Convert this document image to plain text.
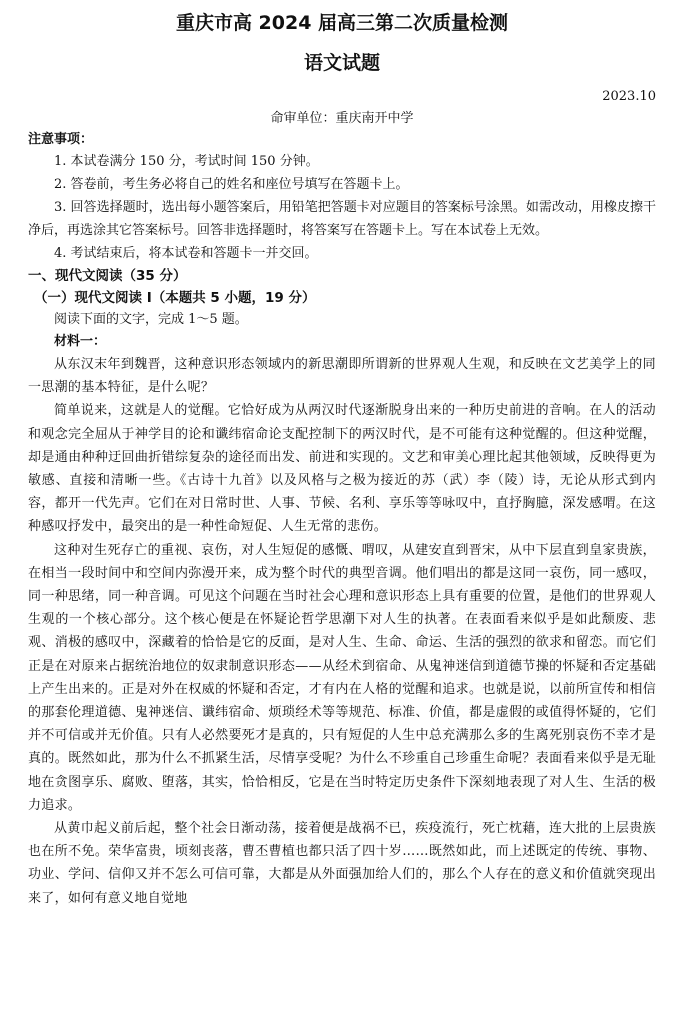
重庆市高 2024 届高三第二次质量检测
语文试题
2023.10
命审单位：重庆南开中学
注意事项：

1. 本试卷满分 150 分，考试时间 150 分钟。

2. 答卷前，考生务必将自己的姓名和座位号填写在答题卡上。

3. 回答选择题时，选出每小题答案后，用铅笔把答题卡对应题目的答案标号涂黑。如需改动，用橡皮擦干净后，再选涂其它答案标号。回答非选择题时，将答案写在答题卡上。写在本试卷上无效。

4. 考试结束后，将本试卷和答题卡一并交回。

一、现代文阅读（35 分）
（一）现代文阅读 I（本题共 5 小题，19 分）

阅读下面的文字，完成 1～5 题。

材料一：

从东汉末年到魏晋，这种意识形态领域内的新思潮即所谓新的世界观人生观，和反映在文艺美学上的同一思潮的基本特征，是什么呢？

简单说来，这就是人的觉醒。它恰好成为从两汉时代逐渐脱身出来的一种历史前进的音响。在人的活动和观念完全屈从于神学目的论和谶纬宿命论支配控制下的两汉时代，是不可能有这种觉醒的。但这种觉醒，却是通由种种迂回曲折错综复杂的途径而出发、前进和实现的。文艺和审美心理比起其他领域，反映得更为敏感、直接和清晰一些。《古诗十九首》以及风格与之极为接近的苏（武）李（陵）诗，无论从形式到内容，都开一代先声。它们在对日常时世、人事、节候、名利、享乐等等咏叹中，直抒胸臆，深发感喟。在这种感叹抒发中，最突出的是一种性命短促、人生无常的悲伤。

这种对生死存亡的重视、哀伤，对人生短促的感慨、喟叹，从建安直到晋宋，从中下层直到皇家贵族，在相当一段时间中和空间内弥漫开来，成为整个时代的典型音调。他们唱出的都是这同一哀伤，同一感叹，同一种思绪，同一种音调。可见这个问题在当时社会心理和意识形态上具有重要的位置，是他们的世界观人生观的一个核心部分。这个核心便是在怀疑论哲学思潮下对人生的执著。在表面看来似乎是如此颓废、悲观、消极的感叹中，深藏着的恰恰是它的反面，是对人生、生命、命运、生活的强烈的欲求和留恋。而它们正是在对原来占据统治地位的奴隶制意识形态——从经术到宿命、从鬼神迷信到道德节操的怀疑和否定基础上产生出来的。正是对外在权威的怀疑和否定，才有内在人格的觉醒和追求。也就是说，以前所宣传和相信的那套伦理道德、鬼神迷信、谶纬宿命、烦琐经术等等规范、标准、价值，都是虚假的或值得怀疑的，它们并不可信或并无价值。只有人必然要死才是真的，只有短促的人生中总充满那么多的生离死别哀伤不幸才是真的。既然如此，那为什么不抓紧生活，尽情享受呢？为什么不珍重自己珍重生命呢？表面看来似乎是无耻地在贪图享乐、腐败、堕落，其实，恰恰相反，它是在当时特定历史条件下深刻地表现了对人生、生活的极力追求。

从黄巾起义前后起，整个社会日渐动荡，接着便是战祸不已，疾疫流行，死亡枕藉，连大批的上层贵族也在所不免。荣华富贵，顷刻丧落，曹丕曹植也都只活了四十岁……既然如此，而上述既定的传统、事物、功业、学问、信仰又并不怎么可信可靠，大都是从外面强加给人们的，那么个人存在的意义和价值就突现出来了，如何有意义地自觉地
